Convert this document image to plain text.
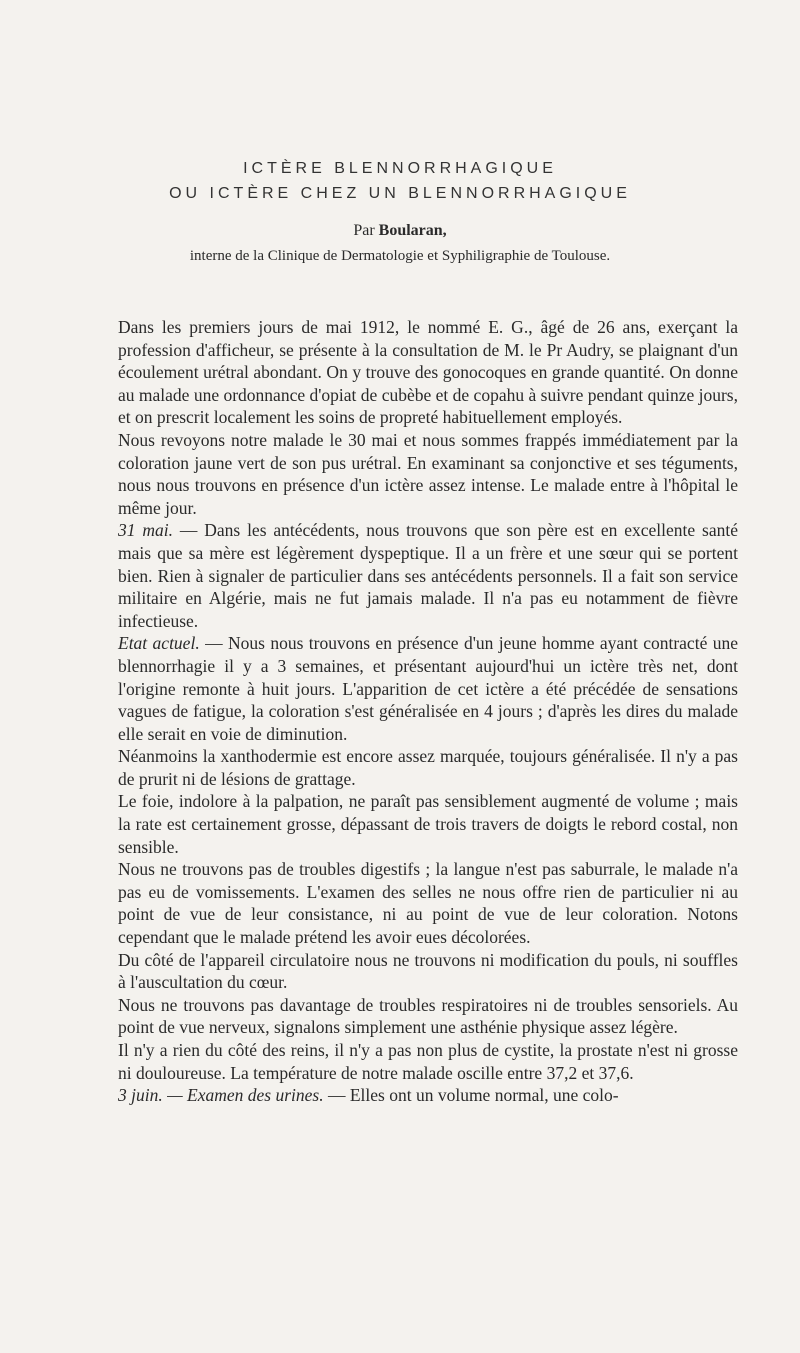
ICTÈRE BLENNORRHAGIQUE
OU ICTÈRE CHEZ UN BLENNORRHAGIQUE
Par Boularan,
interne de la Clinique de Dermatologie et Syphiligraphie de Toulouse.

Dans les premiers jours de mai 1912, le nommé E. G., âgé de 26 ans, exerçant la profession d'afficheur, se présente à la consultation de M. le Pr Audry, se plaignant d'un écoulement urétral abondant. On y trouve des gonocoques en grande quantité. On donne au malade une ordonnance d'opiat de cubèbe et de copahu à suivre pendant quinze jours, et on prescrit localement les soins de propreté habituellement employés.

Nous revoyons notre malade le 30 mai et nous sommes frappés immédiatement par la coloration jaune vert de son pus urétral. En examinant sa conjonctive et ses téguments, nous nous trouvons en présence d'un ictère assez intense. Le malade entre à l'hôpital le même jour.

31 mai. — Dans les antécédents, nous trouvons que son père est en excellente santé mais que sa mère est légèrement dyspeptique. Il a un frère et une sœur qui se portent bien. Rien à signaler de particulier dans ses antécédents personnels. Il a fait son service militaire en Algérie, mais ne fut jamais malade. Il n'a pas eu notamment de fièvre infectieuse.

Etat actuel. — Nous nous trouvons en présence d'un jeune homme ayant contracté une blennorrhagie il y a 3 semaines, et présentant aujourd'hui un ictère très net, dont l'origine remonte à huit jours. L'apparition de cet ictère a été précédée de sensations vagues de fatigue, la coloration s'est généralisée en 4 jours ; d'après les dires du malade elle serait en voie de diminution.

Néanmoins la xanthodermie est encore assez marquée, toujours généralisée. Il n'y a pas de prurit ni de lésions de grattage.

Le foie, indolore à la palpation, ne paraît pas sensiblement augmenté de volume ; mais la rate est certainement grosse, dépassant de trois travers de doigts le rebord costal, non sensible.

Nous ne trouvons pas de troubles digestifs ; la langue n'est pas saburrale, le malade n'a pas eu de vomissements. L'examen des selles ne nous offre rien de particulier ni au point de vue de leur consistance, ni au point de vue de leur coloration. Notons cependant que le malade prétend les avoir eues décolorées.

Du côté de l'appareil circulatoire nous ne trouvons ni modification du pouls, ni souffles à l'auscultation du cœur.

Nous ne trouvons pas davantage de troubles respiratoires ni de troubles sensoriels. Au point de vue nerveux, signalons simplement une asthénie physique assez légère.

Il n'y a rien du côté des reins, il n'y a pas non plus de cystite, la prostate n'est ni grosse ni douloureuse. La température de notre malade oscille entre 37,2 et 37,6.

3 juin. — Examen des urines. — Elles ont un volume normal, une colo-
